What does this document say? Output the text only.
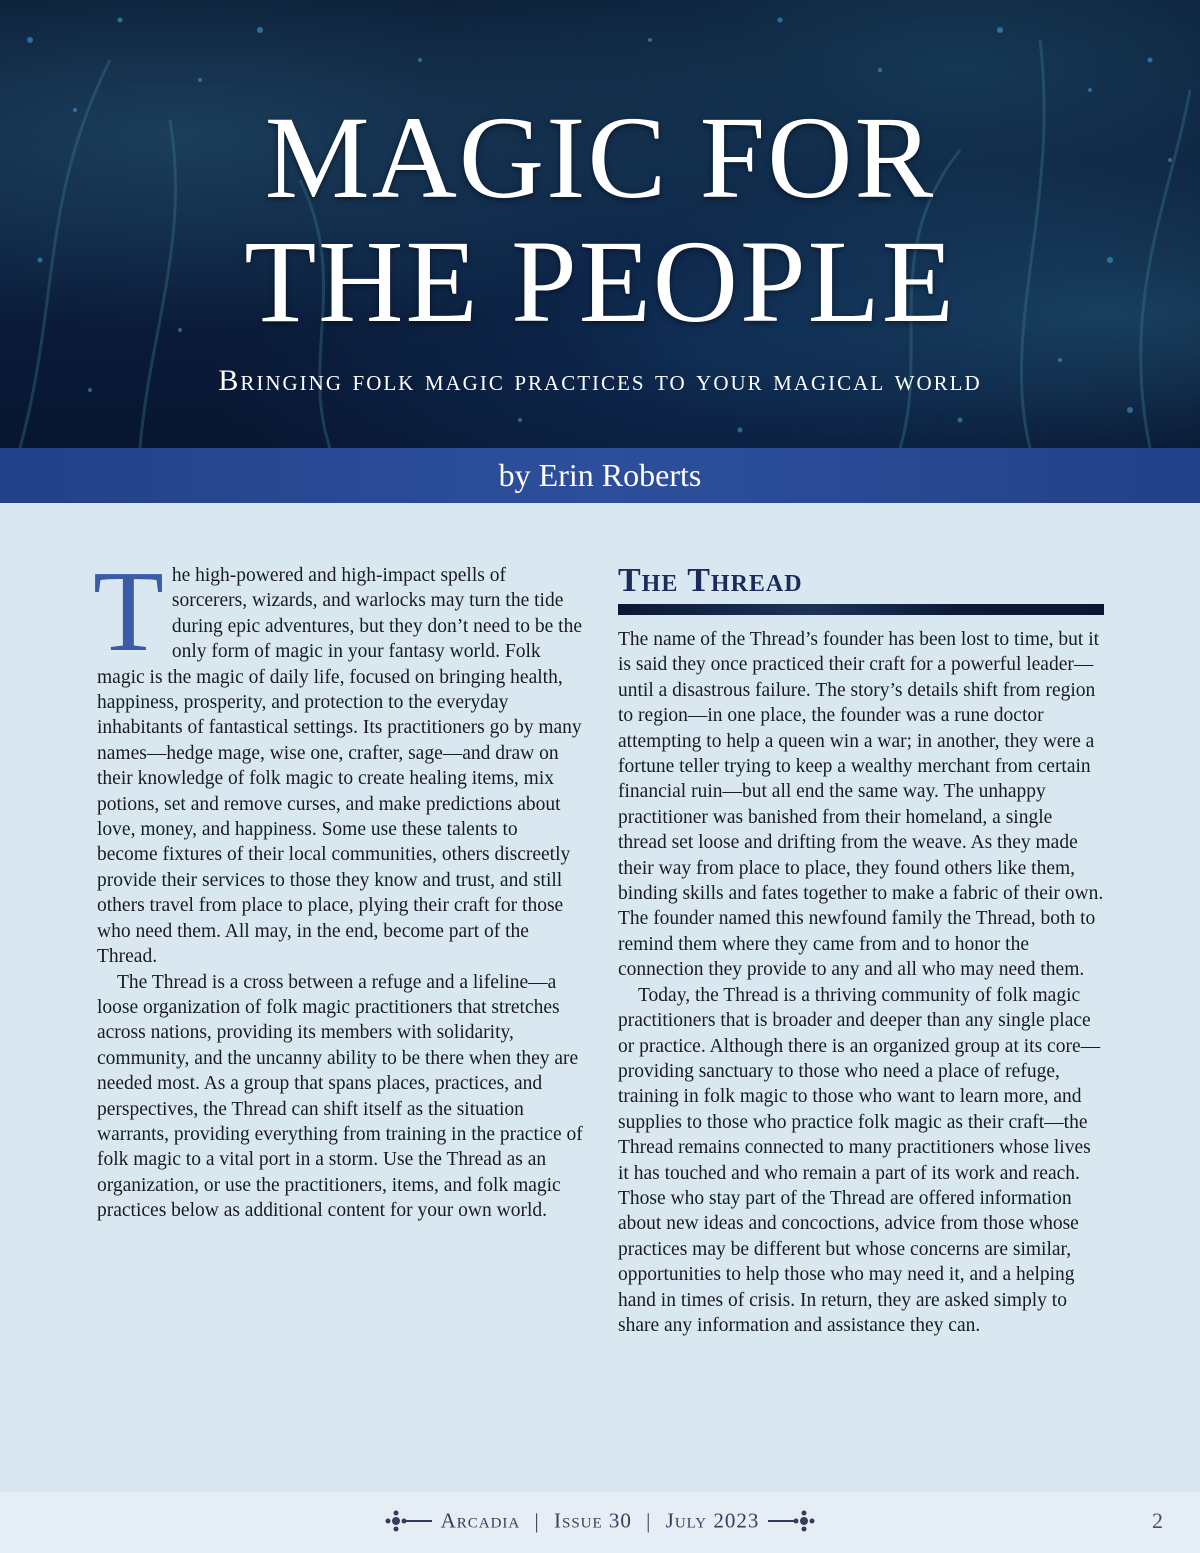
MAGIC FOR
THE PEOPLE
Bringing folk magic practices to your magical world
by Erin Roberts

The high-powered and high-impact spells of sorcerers, wizards, and warlocks may turn the tide during epic adventures, but they don’t need to be the only form of magic in your fantasy world. Folk magic is the magic of daily life, focused on bringing health, happiness, prosperity, and protection to the everyday inhabitants of fantastical settings. Its practitioners go by many names—hedge mage, wise one, crafter, sage—and draw on their knowledge of folk magic to create healing items, mix potions, set and remove curses, and make predictions about love, money, and happiness. Some use these talents to become fixtures of their local communities, others discreetly provide their services to those they know and trust, and still others travel from place to place, plying their craft for those who need them. All may, in the end, become part of the Thread.

The Thread is a cross between a refuge and a lifeline—a loose organization of folk magic practitioners that stretches across nations, providing its members with solidarity, community, and the uncanny ability to be there when they are needed most. As a group that spans places, practices, and perspectives, the Thread can shift itself as the situation warrants, providing everything from training in the practice of folk magic to a vital port in a storm. Use the Thread as an organization, or use the practitioners, items, and folk magic practices below as additional content for your own world.

The Thread

The name of the Thread’s founder has been lost to time, but it is said they once practiced their craft for a powerful leader—until a disastrous failure. The story’s details shift from region to region—in one place, the founder was a rune doctor attempting to help a queen win a war; in another, they were a fortune teller trying to keep a wealthy merchant from certain financial ruin—but all end the same way. The unhappy practitioner was banished from their homeland, a single thread set loose and drifting from the weave. As they made their way from place to place, they found others like them, binding skills and fates together to make a fabric of their own. The founder named this newfound family the Thread, both to remind them where they came from and to honor the connection they provide to any and all who may need them.

Today, the Thread is a thriving community of folk magic practitioners that is broader and deeper than any single place or practice. Although there is an organized group at its core—providing sanctuary to those who need a place of refuge, training in folk magic to those who want to learn more, and supplies to those who practice folk magic as their craft—the Thread remains connected to many practitioners whose lives it has touched and who remain a part of its work and reach. Those who stay part of the Thread are offered information about new ideas and concoctions, advice from those whose practices may be different but whose concerns are similar, opportunities to help those who may need it, and a helping hand in times of crisis. In return, they are asked simply to share any information and assistance they can.

Arcadia | Issue 30 | July 2023	2
